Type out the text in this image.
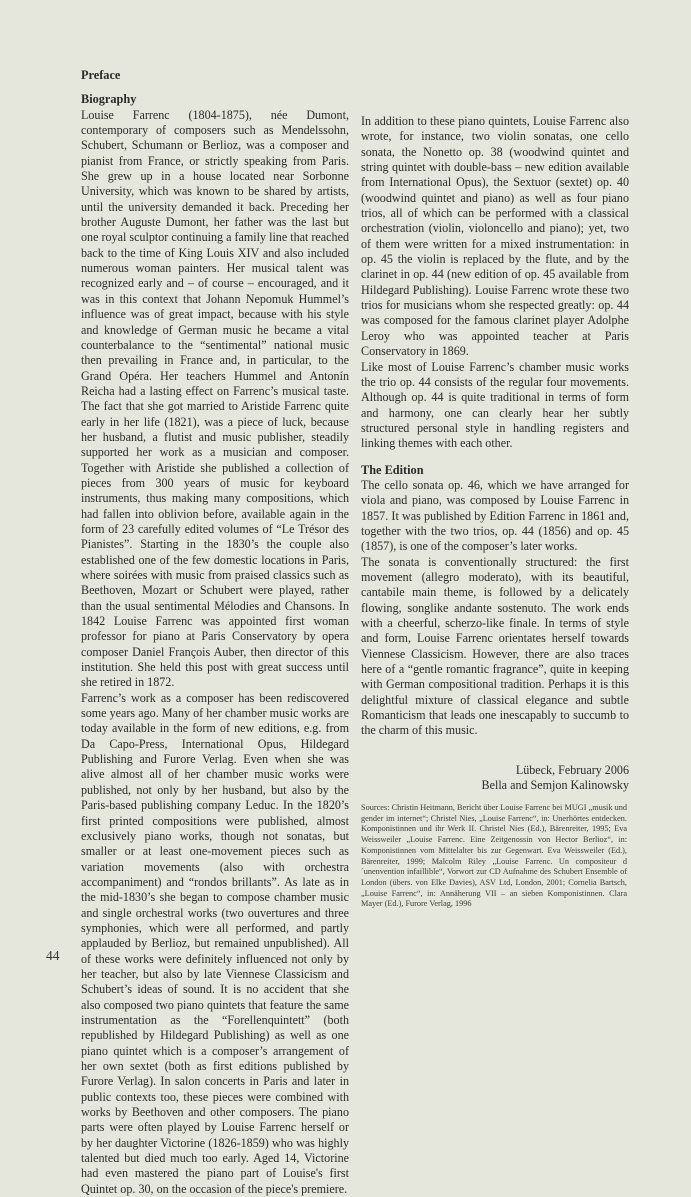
Preface

Biography

Louise Farrenc (1804-1875), née Dumont, contemporary of composers such as Mendelssohn, Schubert, Schumann or Berlioz, was a composer and pianist from France, or strictly speaking from Paris. She grew up in a house located near Sorbonne University, which was known to be shared by artists, until the university demanded it back. Preceding her brother Auguste Dumont, her father was the last but one royal sculptor continuing a family line that reached back to the time of King Louis XIV and also included numerous woman painters. Her musical talent was recognized early and – of course – encouraged, and it was in this context that Johann Nepomuk Hummel’s influence was of great impact, because with his style and knowledge of German music he became a vital counterbalance to the “sentimental” national music then prevailing in France and, in particular, to the Grand Opéra. Her teachers Hummel and Antonín Reicha had a lasting effect on Farrenc’s musical taste. The fact that she got married to Aristide Farrenc quite early in her life (1821), was a piece of luck, because her husband, a flutist and music publisher, steadily supported her work as a musician and composer. Together with Aristide she published a collection of pieces from 300 years of music for keyboard instruments, thus making many compositions, which had fallen into oblivion before, available again in the form of 23 carefully edited volumes of “Le Trésor des Pianistes”. Starting in the 1830’s the couple also established one of the few domestic locations in Paris, where soirées with music from praised classics such as Beethoven, Mozart or Schubert were played, rather than the usual sentimental Mélodies and Chansons. In 1842 Louise Farrenc was appointed first woman professor for piano at Paris Conservatory by opera composer Daniel François Auber, then director of this institution. She held this post with great success until she retired in 1872.

Farrenc’s work as a composer has been rediscovered some years ago. Many of her chamber music works are today available in the form of new editions, e.g. from Da Capo-Press, International Opus, Hildegard Publishing and Furore Verlag. Even when she was alive almost all of her chamber music works were published, not only by her husband, but also by the Paris-based publishing company Leduc. In the 1820’s first printed compositions were published, almost exclusively piano works, though not sonatas, but smaller or at least one-movement pieces such as variation movements (also with orchestra accompaniment) and “rondos brillants”. As late as in the mid-1830’s she began to compose chamber music and single orchestral works (two ouvertures and three symphonies, which were all performed, and partly applauded by Berlioz, but remained unpublished). All of these works were definitely influenced not only by her teacher, but also by late Viennese Classicism and Schubert’s ideas of sound. It is no accident that she also composed two piano quintets that feature the same instrumentation as the “Forellenquintett” (both republished by Hildegard Publishing) as well as one piano quintet which is a composer’s arrangement of her own sextet (both as first editions published by Furore Verlag). In salon concerts in Paris and later in public contexts too, these pieces were combined with works by Beethoven and other composers. The piano parts were often played by Louise Farrenc herself or by her daughter Victorine (1826-1859) who was highly talented but died much too early. Aged 14, Victorine had even mastered the piano part of Louise's first Quintet op. 30, on the occasion of the piece's premiere.

In addition to these piano quintets, Louise Farrenc also wrote, for instance, two violin sonatas, one cello sonata, the Nonetto op. 38 (woodwind quintet and string quintet with double-bass – new edition available from International Opus), the Sextuor (sextet) op. 40 (woodwind quintet and piano) as well as four piano trios, all of which can be performed with a classical orchestration (violin, violoncello and piano); yet, two of them were written for a mixed instrumentation: in op. 45 the violin is replaced by the flute, and by the clarinet in op. 44 (new edition of op. 45 available from Hildegard Publishing). Louise Farrenc wrote these two trios for musicians whom she respected greatly: op. 44 was composed for the famous clarinet player Adolphe Leroy who was appointed teacher at Paris Conservatory in 1869.

Like most of Louise Farrenc’s chamber music works the trio op. 44 consists of the regular four movements. Although op. 44 is quite traditional in terms of form and harmony, one can clearly hear her subtly structured personal style in handling registers and linking themes with each other.

The Edition

The cello sonata op. 46, which we have arranged for viola and piano, was composed by Louise Farrenc in 1857. It was published by Edition Farrenc in 1861 and, together with the two trios, op. 44 (1856) and op. 45 (1857), is one of the composer’s later works.

The sonata is conventionally structured: the first movement (allegro moderato), with its beautiful, cantabile main theme, is followed by a delicately flowing, songlike andante sostenuto. The work ends with a cheerful, scherzo-like finale. In terms of style and form, Louise Farrenc orientates herself towards Viennese Classicism. However, there are also traces here of a “gentle romantic fragrance”, quite in keeping with German compositional tradition. Perhaps it is this delightful mixture of classical elegance and subtle Romanticism that leads one inescapably to succumb to the charm of this music.

Lübeck, February 2006

Bella and Semjon Kalinowsky

Sources: Christin Heitmann, Bericht über Louise Farrenc bei MUGI „musik und gender im internet“; Christel Nies, „Louise Farrenc“, in: Unerhörtes entdecken. Komponistinnen und ihr Werk II. Christel Nies (Ed.), Bärenreiter, 1995; Eva Weissweiler „Louise Farrenc. Eine Zeitgenossin von Hector Berlioz“, in: Komponistinnen vom Mittelalter bis zur Gegenwart. Eva Weissweiler (Ed.), Bärenreiter, 1999; Malcolm Riley „Louise Farrenc. Un compositeur d´unenvention infaillible“, Vorwort zur CD Aufnahme des Schubert Ensemble of London (übers. von Elke Davies), ASV Ltd, London, 2001; Cornelia Bartsch, „Louise Farrenc“, in: Annäherung VII – an sieben Komponistinnen. Clara Mayer (Ed.), Furore Verlag, 1996
44
